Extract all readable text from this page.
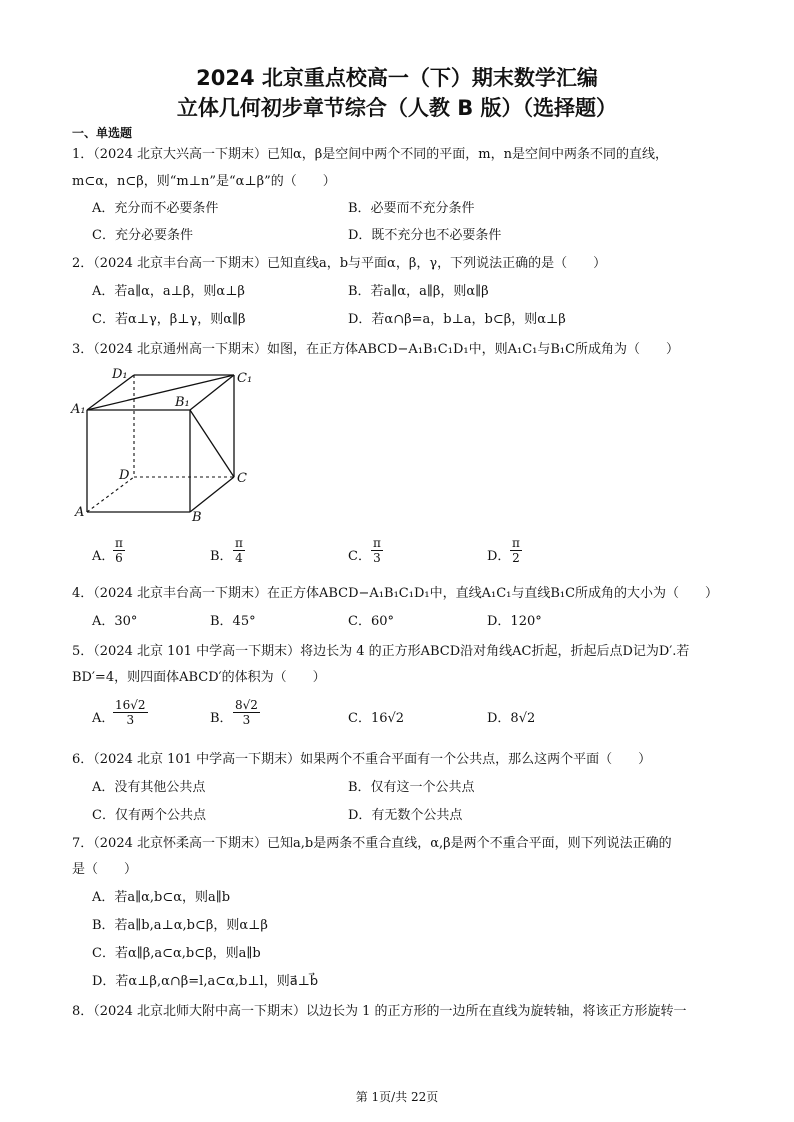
2024 北京重点校高一（下）期末数学汇编
立体几何初步章节综合（人教 B 版）（选择题）
一、单选题
1．（2024 北京大兴高一下期末）已知α，β是空间中两个不同的平面，m，n是空间中两条不同的直线，
m⊂α，n⊂β，则“m⊥n”是“α⊥β”的（　　）
A．充分而不必要条件	B．必要而不充分条件
C．充分必要条件	D．既不充分也不必要条件
2．（2024 北京丰台高一下期末）已知直线a，b与平面α，β，γ，下列说法正确的是（　　）
A．若a∥α，a⊥β，则α⊥β	B．若a∥α，a∥β，则α∥β
C．若α⊥γ，β⊥γ，则α∥β	D．若α∩β=a，b⊥a，b⊂β，则α⊥β
3．（2024 北京通州高一下期末）如图，在正方体ABCD−A₁B₁C₁D₁中，则A₁C₁与B₁C所成角为（　　）
D₁	C₁
A₁	B₁
D	C
A	B
A．
$\frac{\pi}{6}$	B． $\frac{\pi}{4}$	C． $\frac{\pi}{3}$	D． $\frac{\pi}{2}$
4．（2024 北京丰台高一下期末）在正方体ABCD−A₁B₁C₁D₁中，直线A₁C₁与直线B₁C所成角的大小为（　　）
A．30°	B．45°	C．60°	D．120°
5．（2024 北京 101 中学高一下期末）将边长为 4 的正方形ABCD沿对角线AC折起，折起后点D记为D′.若
BD′=4，则四面体ABCD′的体积为（　　）
A．
$\frac{16√2}{3}$	B． $\frac{8√2}{3}$	C．16√2	D．8√2
6．（2024 北京 101 中学高一下期末）如果两个不重合平面有一个公共点，那么这两个平面（　　）
A．没有其他公共点	B．仅有这一个公共点
C．仅有两个公共点	D．有无数个公共点
7．（2024 北京怀柔高一下期末）已知a,b是两条不重合直线，α,β是两个不重合平面，则下列说法正确的
是（　　）
A．若a∥α,b⊂α，则a∥b
B．若a∥b,a⊥α,b⊂β，则α⊥β
C．若α∥β,a⊂α,b⊂β，则a∥b
D．若α⊥β,α∩β=l,a⊂α,b⊥l，则a⃗⊥b⃗
8．（2024 北京北师大附中高一下期末）以边长为 1 的正方形的一边所在直线为旋转轴，将该正方形旋转一
第 1页/共 22页
